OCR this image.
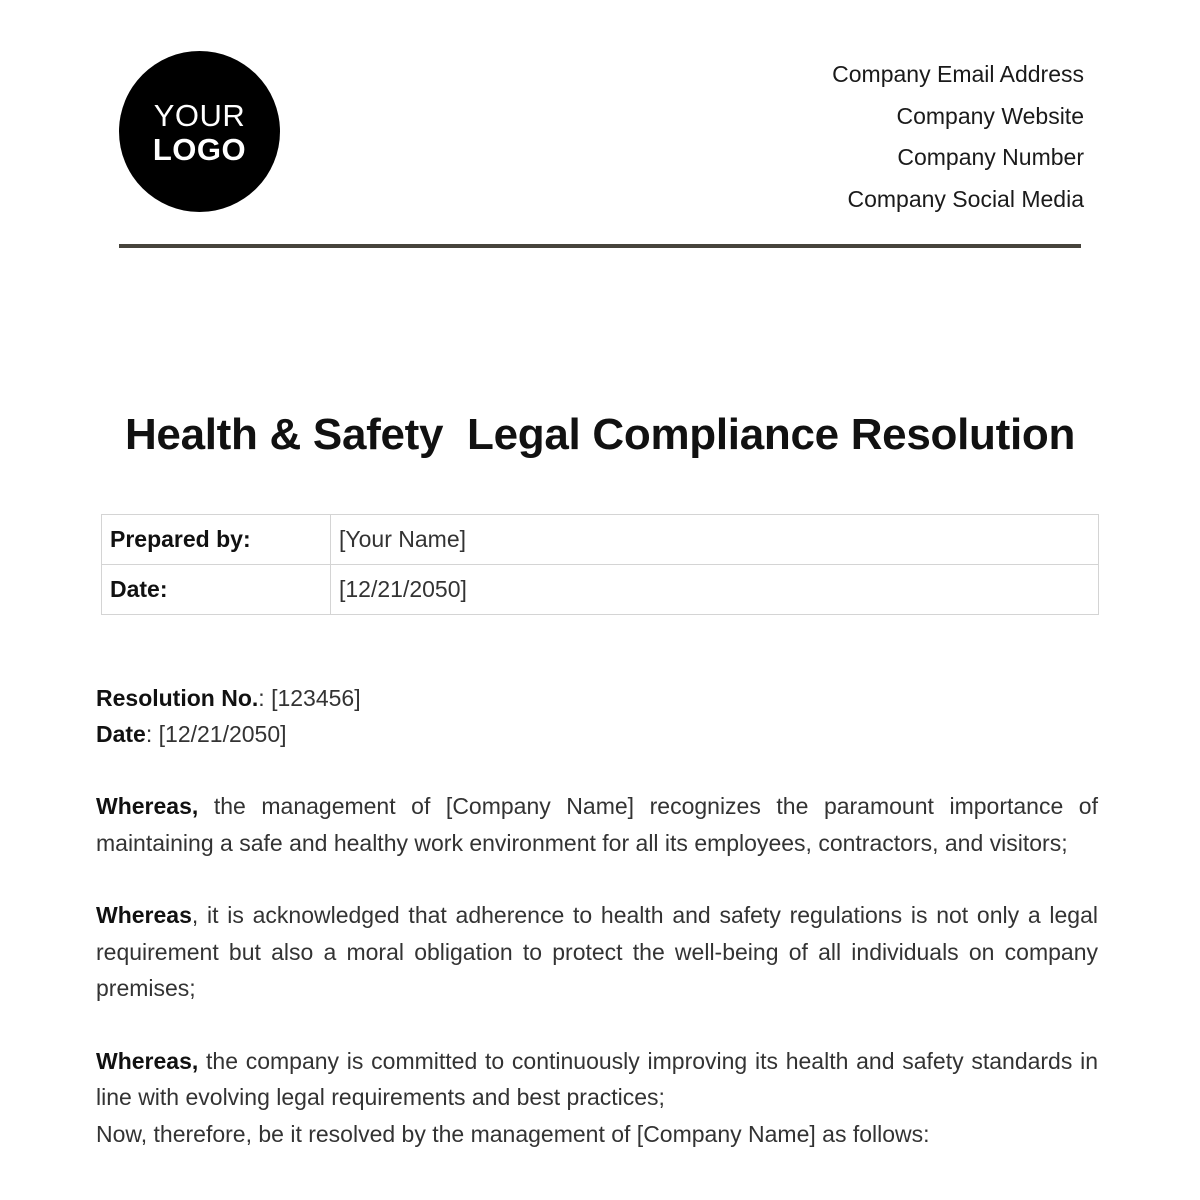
YOUR
LOGO
Company Email Address
Company Website
Company Number
Company Social Media
Health & Safety  Legal Compliance Resolution
Prepared by:	[Your Name]
Date:	[12/21/2050]
Resolution No.: [123456]
Date: [12/21/2050]
Whereas, the management of [Company Name] recognizes the paramount importance of maintaining a safe and healthy work environment for all its employees, contractors, and visitors;
Whereas, it is acknowledged that adherence to health and safety regulations is not only a legal requirement but also a moral obligation to protect the well-being of all individuals on company premises;
Whereas, the company is committed to continuously improving its health and safety standards in line with evolving legal requirements and best practices;
Now, therefore, be it resolved by the management of [Company Name] as follows:
